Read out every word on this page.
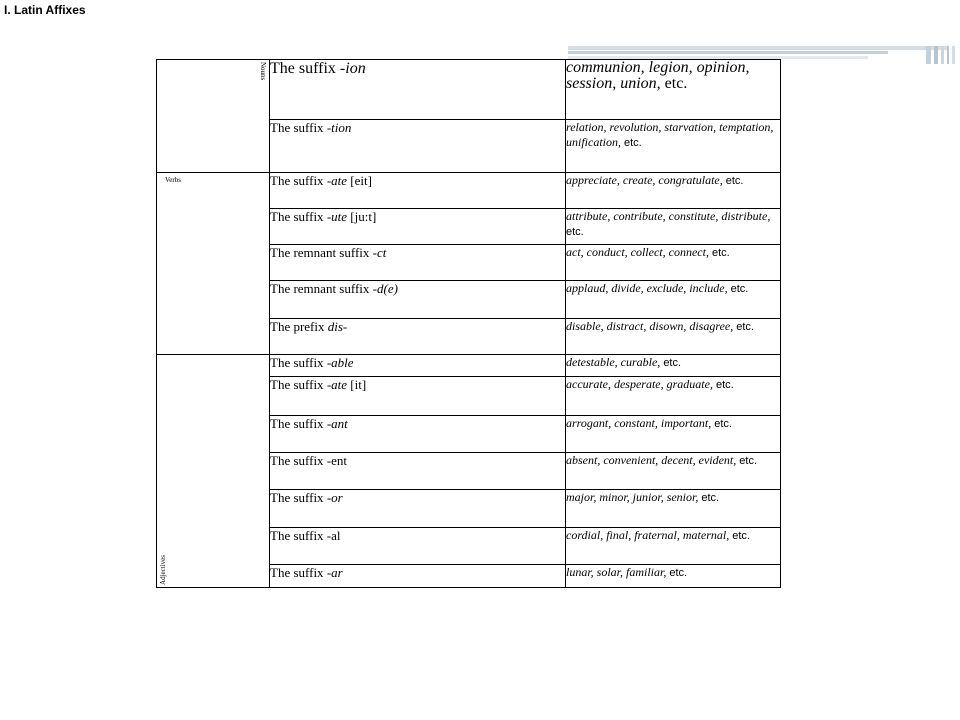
I. Latin Affixes
Nouns	The suffix -ion	communion, legion, opinion, session, union, etc.
	The suffix -tion	relation, revolution, starvation, temptation, unification, etc.

Verbs	The suffix -ate [eit]	appreciate, create, congratulate, etc.
	The suffix -ute [ju:t]	attribute, contribute, constitute, distribute, etc.
	The remnant suffix -ct	act, conduct, collect, connect, etc.
	The remnant suffix -d(e)	applaud, divide, exclude, include, etc.
	The prefix dis-	disable, distract, disown, disagree, etc.

Adjectives	The suffix -able	detestable, curable, etc.
	The suffix -ate [it]	accurate, desperate, graduate, etc.
	The suffix -ant	arrogant, constant, important, etc.
	The suffix -ent	absent, convenient, decent, evident, etc.
	The suffix -or	major, minor, junior, senior, etc.
	The suffix -al	cordial, final, fraternal, maternal, etc.
	The suffix -ar	lunar, solar, familiar, etc.
